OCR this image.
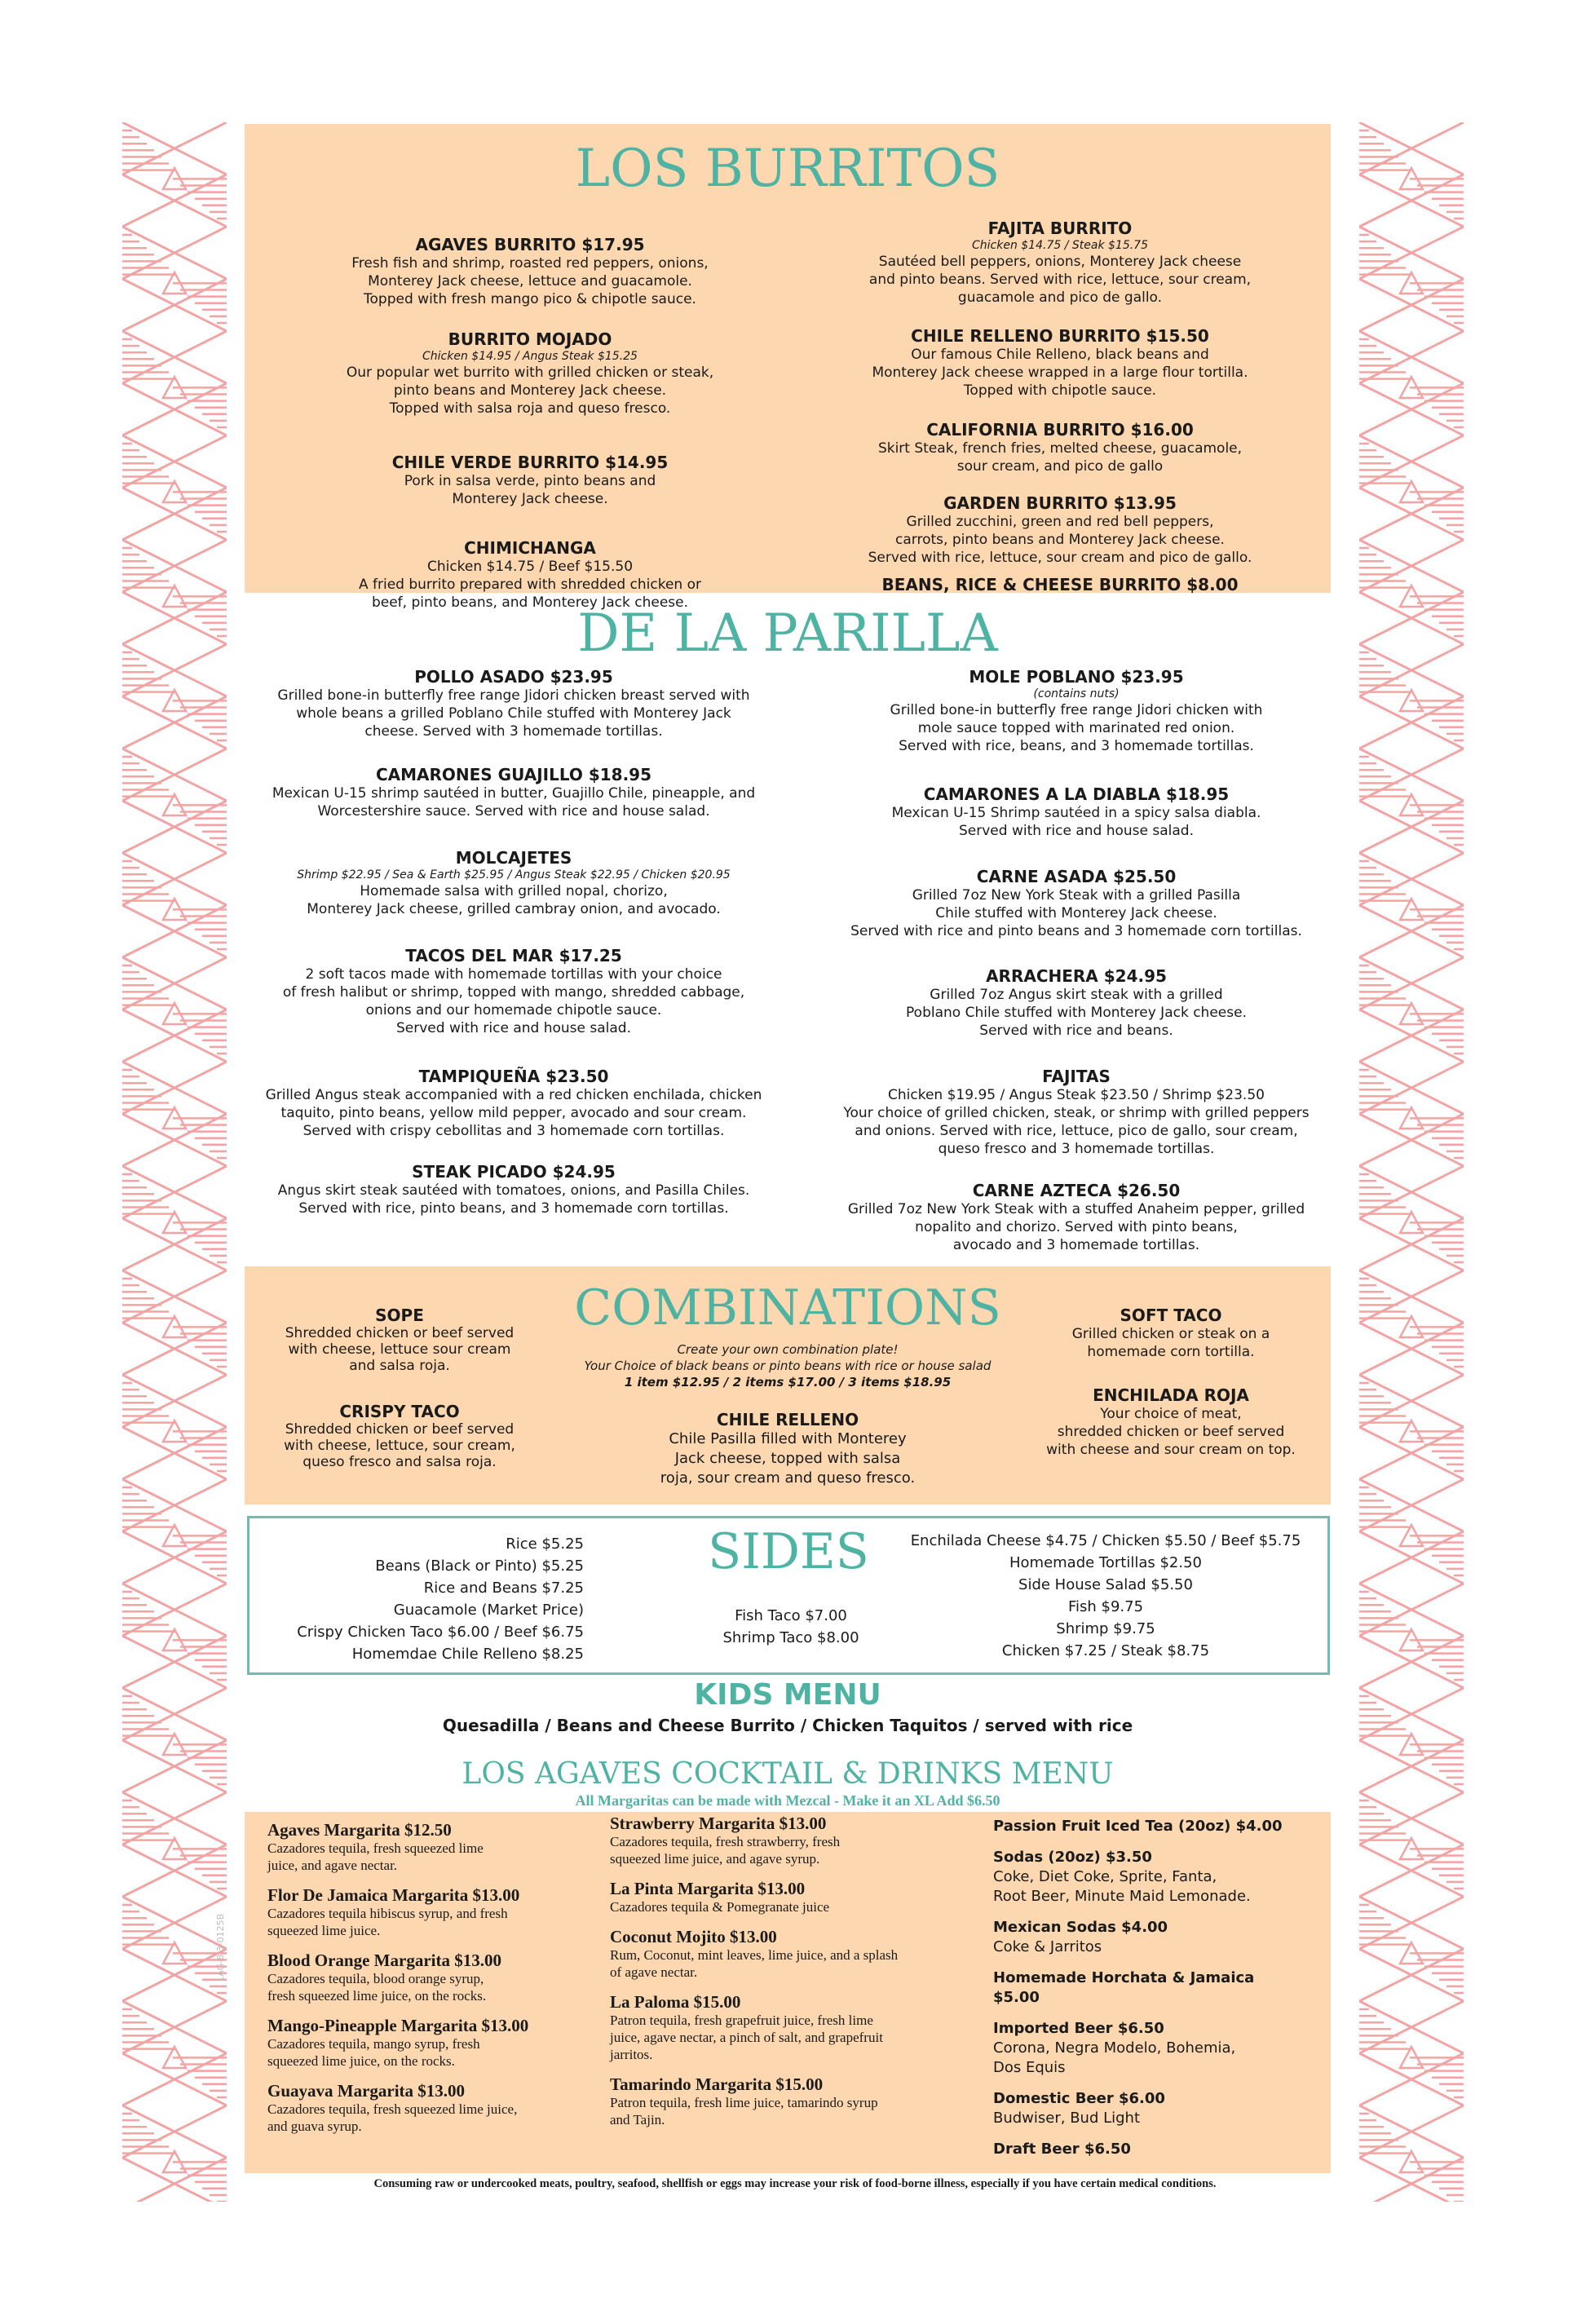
LOS BURRITOS
AGAVES BURRITO $17.95
Fresh fish and shrimp, roasted red peppers, onions,
Monterey Jack cheese, lettuce and guacamole.
Topped with fresh mango pico & chipotle sauce.
BURRITO MOJADO
Chicken $14.95 / Angus Steak $15.25
Our popular wet burrito with grilled chicken or steak,
pinto beans and Monterey Jack cheese.
Topped with salsa roja and queso fresco.
CHILE VERDE BURRITO $14.95
Pork in salsa verde, pinto beans and
Monterey Jack cheese.
CHIMICHANGA
Chicken $14.75 / Beef $15.50
A fried burrito prepared with shredded chicken or
beef, pinto beans, and Monterey Jack cheese.
FAJITA BURRITO
Chicken $14.75 / Steak $15.75
Sautéed bell peppers, onions, Monterey Jack cheese
and pinto beans. Served with rice, lettuce, sour cream,
guacamole and pico de gallo.
CHILE RELLENO BURRITO $15.50
Our famous Chile Relleno, black beans and
Monterey Jack cheese wrapped in a large flour tortilla.
Topped with chipotle sauce.
CALIFORNIA BURRITO $16.00
Skirt Steak, french fries, melted cheese, guacamole,
sour cream, and pico de gallo
GARDEN BURRITO $13.95
Grilled zucchini, green and red bell peppers,
carrots, pinto beans and Monterey Jack cheese.
Served with rice, lettuce, sour cream and pico de gallo.
BEANS, RICE & CHEESE BURRITO $8.00
DE LA PARILLA
POLLO ASADO $23.95
Grilled bone-in butterfly free range Jidori chicken breast served with
whole beans a grilled Poblano Chile stuffed with Monterey Jack
cheese. Served with 3 homemade tortillas.
CAMARONES GUAJILLO $18.95
Mexican U-15 shrimp sautéed in butter, Guajillo Chile, pineapple, and
Worcestershire sauce. Served with rice and house salad.
MOLCAJETES
Shrimp $22.95 / Sea & Earth $25.95 / Angus Steak $22.95 / Chicken $20.95
Homemade salsa with grilled nopal, chorizo,
Monterey Jack cheese, grilled cambray onion, and avocado.
TACOS DEL MAR $17.25
2 soft tacos made with homemade tortillas with your choice
of fresh halibut or shrimp, topped with mango, shredded cabbage,
onions and our homemade chipotle sauce.
Served with rice and house salad.
TAMPIQUEÑA $23.50
Grilled Angus steak accompanied with a red chicken enchilada, chicken
taquito, pinto beans, yellow mild pepper, avocado and sour cream.
Served with crispy cebollitas and 3 homemade corn tortillas.
STEAK PICADO $24.95
Angus skirt steak sautéed with tomatoes, onions, and Pasilla Chiles.
Served with rice, pinto beans, and 3 homemade corn tortillas.
MOLE POBLANO $23.95
(contains nuts)
Grilled bone-in butterfly free range Jidori chicken with
mole sauce topped with marinated red onion.
Served with rice, beans, and 3 homemade tortillas.
CAMARONES A LA DIABLA $18.95
Mexican U-15 Shrimp sautéed in a spicy salsa diabla.
Served with rice and house salad.
CARNE ASADA $25.50
Grilled 7oz New York Steak with a grilled Pasilla
Chile stuffed with Monterey Jack cheese.
Served with rice and pinto beans and 3 homemade corn tortillas.
ARRACHERA $24.95
Grilled 7oz Angus skirt steak with a grilled
Poblano Chile stuffed with Monterey Jack cheese.
Served with rice and beans.
FAJITAS
Chicken $19.95 / Angus Steak $23.50 / Shrimp $23.50
Your choice of grilled chicken, steak, or shrimp with grilled peppers
and onions. Served with rice, lettuce, pico de gallo, sour cream,
queso fresco and 3 homemade tortillas.
CARNE AZTECA $26.50
Grilled 7oz New York Steak with a stuffed Anaheim pepper, grilled
nopalito and chorizo. Served with pinto beans,
avocado and 3 homemade tortillas.
COMBINATIONS
Create your own combination plate!
Your Choice of black beans or pinto beans with rice or house salad
1 item $12.95 / 2 items $17.00 / 3 items $18.95
CHILE RELLENO
Chile Pasilla filled with Monterey
Jack cheese, topped with salsa
roja, sour cream and queso fresco.
SOPE
Shredded chicken or beef served
with cheese, lettuce sour cream
and salsa roja.
CRISPY TACO
Shredded chicken or beef served
with cheese, lettuce, sour cream,
queso fresco and salsa roja.
SOFT TACO
Grilled chicken or steak on a
homemade corn tortilla.
ENCHILADA ROJA
Your choice of meat,
shredded chicken or beef served
with cheese and sour cream on top.
SIDES
Rice $5.25
Beans (Black or Pinto) $5.25
Rice and Beans $7.25
Guacamole (Market Price)
Crispy Chicken Taco $6.00 / Beef $6.75
Homemdae Chile Relleno $8.25
Fish Taco $7.00
Shrimp Taco $8.00
Enchilada Cheese $4.75 / Chicken $5.50 / Beef $5.75
Homemade Tortillas $2.50
Side House Salad $5.50
Fish $9.75
Shrimp $9.75
Chicken $7.25 / Steak $8.75
KIDS MENU
Quesadilla / Beans and Cheese Burrito / Chicken Taquitos / served with rice
LOS AGAVES COCKTAIL & DRINKS MENU
All Margaritas can be made with Mezcal - Make it an XL Add $6.50
Agaves Margarita $12.50
Cazadores tequila, fresh squeezed lime
juice, and agave nectar.
Flor De Jamaica Margarita $13.00
Cazadores tequila hibiscus syrup, and fresh
squeezed lime juice.
Blood Orange Margarita $13.00
Cazadores tequila, blood orange syrup,
fresh squeezed lime juice, on the rocks.
Mango-Pineapple Margarita $13.00
Cazadores tequila, mango syrup, fresh
squeezed lime juice, on the rocks.
Guayava Margarita $13.00
Cazadores tequila, fresh squeezed lime juice,
and guava syrup.
Strawberry Margarita $13.00
Cazadores tequila, fresh strawberry, fresh
squeezed lime juice, and agave syrup.
La Pinta Margarita $13.00
Cazadores tequila & Pomegranate juice
Coconut Mojito $13.00
Rum, Coconut, mint leaves, lime juice, and a splash
of agave nectar.
La Paloma $15.00
Patron tequila, fresh grapefruit juice, fresh lime
juice, agave nectar, a pinch of salt, and grapefruit
jarritos.
Tamarindo Margarita $15.00
Patron tequila, fresh lime juice, tamarindo syrup
and Tajin.
Passion Fruit Iced Tea (20oz) $4.00
Sodas (20oz) $3.50
Coke, Diet Coke, Sprite, Fanta,
Root Beer, Minute Maid Lemonade.
Mexican Sodas $4.00
Coke & Jarritos
Homemade Horchata & Jamaica
$5.00
Imported Beer $6.50
Corona, Negra Modelo, Bohemia,
Dos Equis
Domestic Beer $6.00
Budwiser, Bud Light
Draft Beer $6.50
LAG-8.3-0125B
Consuming raw or undercooked meats, poultry, seafood, shellfish or eggs may increase your risk of food-borne illness, especially if you have certain medical conditions.
